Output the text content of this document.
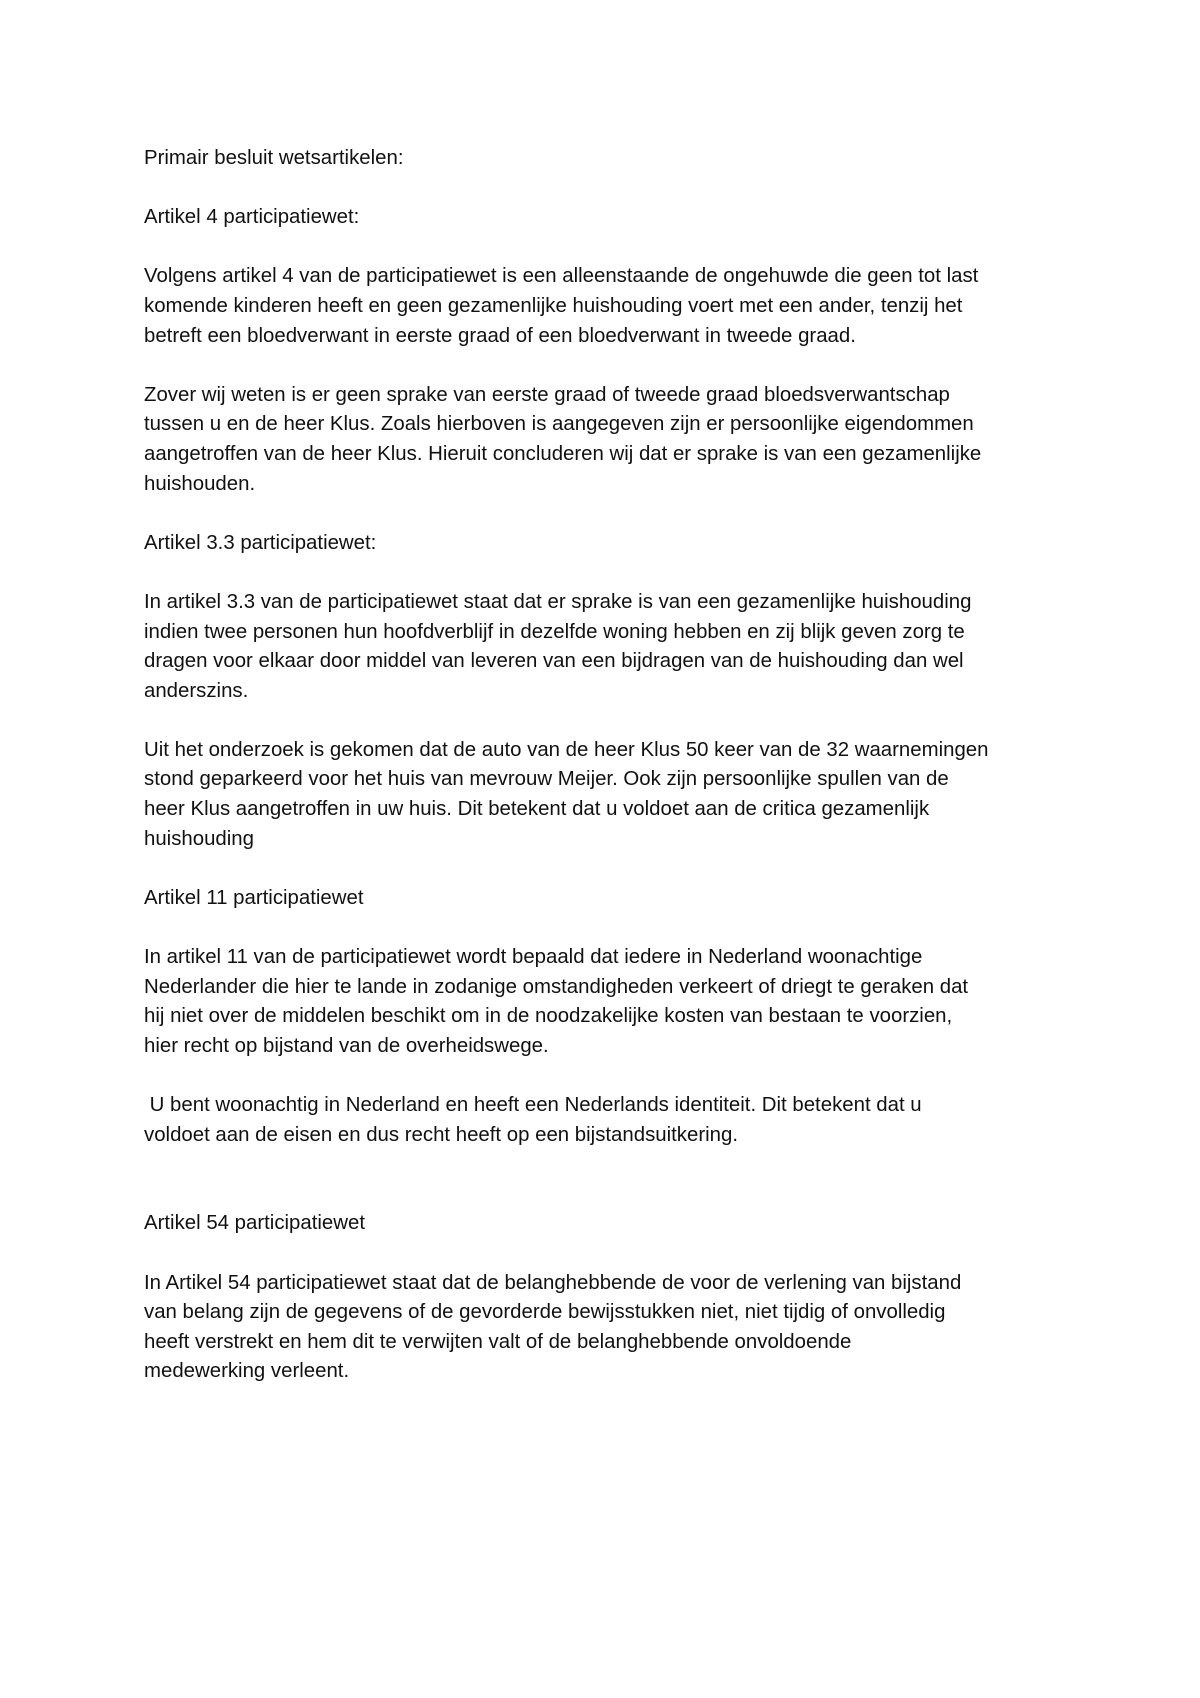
Primair besluit wetsartikelen:

Artikel 4 participatiewet:

Volgens artikel 4 van de participatiewet is een alleenstaande de ongehuwde die geen tot last

komende kinderen heeft en geen gezamenlijke huishouding voert met een ander, tenzij het

betreft een bloedverwant in eerste graad of een bloedverwant in tweede graad.

Zover wij weten is er geen sprake van eerste graad of tweede graad bloedsverwantschap

tussen u en de heer Klus. Zoals hierboven is aangegeven zijn er persoonlijke eigendommen

aangetroffen van de heer Klus. Hieruit concluderen wij dat er sprake is van een gezamenlijke

huishouden.

Artikel 3.3 participatiewet:

In artikel 3.3 van de participatiewet staat dat er sprake is van een gezamenlijke huishouding

indien twee personen hun hoofdverblijf in dezelfde woning hebben en zij blijk geven zorg te

dragen voor elkaar door middel van leveren van een bijdragen van de huishouding dan wel

anderszins.

Uit het onderzoek is gekomen dat de auto van de heer Klus 50 keer van de 32 waarnemingen

stond geparkeerd voor het huis van mevrouw Meijer. Ook zijn persoonlijke spullen van de

heer Klus aangetroffen in uw huis. Dit betekent dat u voldoet aan de critica gezamenlijk

huishouding

Artikel 11 participatiewet

In artikel 11 van de participatiewet wordt bepaald dat iedere in Nederland woonachtige

Nederlander die hier te lande in zodanige omstandigheden verkeert of driegt te geraken dat

hij niet over de middelen beschikt om in de noodzakelijke kosten van bestaan te voorzien,

hier recht op bijstand van de overheidswege.

U bent woonachtig in Nederland en heeft een Nederlands identiteit. Dit betekent dat u

voldoet aan de eisen en dus recht heeft op een bijstandsuitkering.

Artikel 54 participatiewet

In Artikel 54 participatiewet staat dat de belanghebbende de voor de verlening van bijstand

van belang zijn de gegevens of de gevorderde bewijsstukken niet, niet tijdig of onvolledig

heeft verstrekt en hem dit te verwijten valt of de belanghebbende onvoldoende

medewerking verleent.
